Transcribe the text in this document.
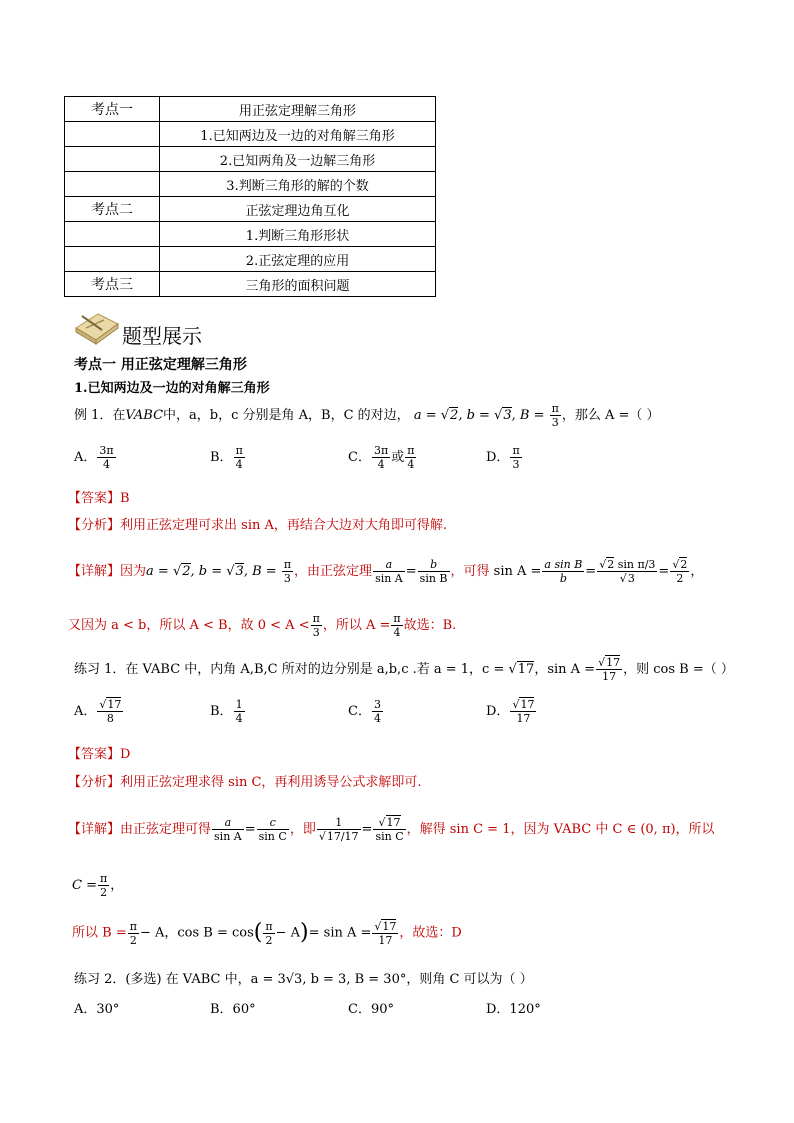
考点一	用正弦定理解三角形
	1.已知两边及一边的对角解三角形
	2.已知两角及一边解三角形
	3.判断三角形的解的个数
考点二	正弦定理边角互化
	1.判断三角形形状
	2.正弦定理的应用
考点三	三角形的面积问题
题型展示
考点一 用正弦定理解三角形
1.已知两边及一边的对角解三角形
例 1．在VABC中，a，b，c 分别是角 A，B，C 的对边， a = √2, b = √3, $B = \frac{\pi}{3}$ ，那么 A =（ ）
A． $\frac{3\pi}{4}$	B． $\frac{\pi}{4}$	C． $\frac{3\pi}{4}$ 或 $\frac{\pi}{4}$	D． $\frac{\pi}{3}$
【答案】B
【分析】利用正弦定理可求出 sin A，再结合大边对大角即可得解.
【详解】因为a = √2, b = √3, $B = \frac{\pi}{3}$ ，由正弦定理 $\frac{a}{\text{sin A}} = \frac{b}{\text{sin B}}$ ，可得 $\sin A = \frac{\text{a sin B}}{b} = \frac{\text{√2 sin π/3}}{√3} = \frac{√2}{2}$ ，
又因为 a < b，所以 A < B，故 $0 < A < \frac{\pi}{3}$ ，所以 $A = \frac{\pi}{4}$ 故选：B.
练习 1．在 VABC 中，内角 A,B,C 所对的边分别是 a,b,c .若 a = 1，c = √17，$\sin A = \frac{√17}{17}$ ，则 cos B =（ ）
A． $\frac{√17}{8}$	B． $\frac{1}{4}$	C． $\frac{3}{4}$	D． $\frac{√17}{17}$
【答案】D
【分析】利用正弦定理求得 sin C，再利用诱导公式求解即可.
【详解】由正弦定理可得 $\frac{a}{\text{sin A}} = \frac{c}{\text{sin C}}$ ，即 $\frac{1}{√17/17} = \frac{√17}{\text{sin C}}$ ，解得 sin C = 1，因为 VABC 中 C ∈ (0, π)，所以
$C = \frac{\pi}{2}$ ，
所以 $B = \frac{\pi}{2} - A$，$\cos B = \cos( \frac{\pi}{2} - A)= \sin A = \frac{√17}{17}$ ，故选：D
练习 2．(多选) 在 VABC 中，a = 3√3, b = 3, B = 30°，则角 C 可以为（ ）
A．30°	B．60°	C．90°	D．120°
